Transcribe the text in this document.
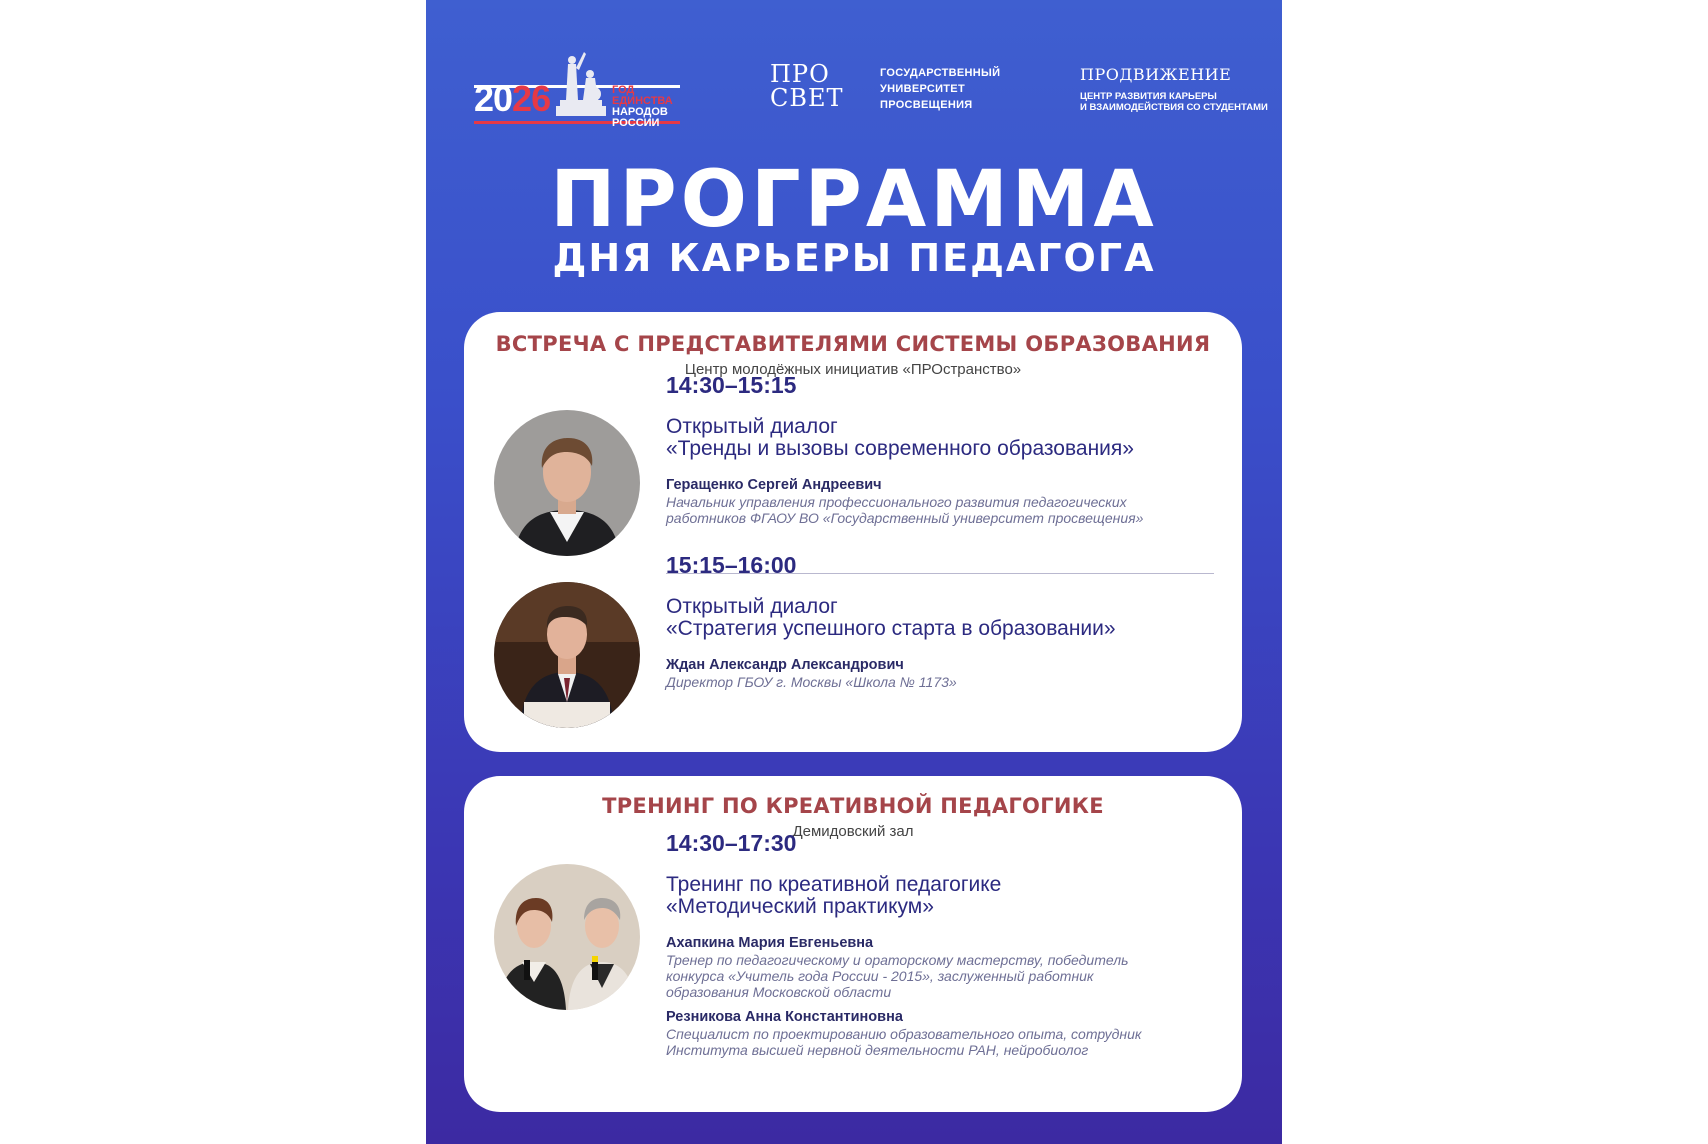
2026	ГОД
ЕДИНСТВА
НАРОДОВ
РОССИИ
ПРО
СВЕТ
ГОСУДАРСТВЕННЫЙ
УНИВЕРСИТЕТ
ПРОСВЕЩЕНИЯ
ПРОДВИЖЕНИЕ
ЦЕНТР РАЗВИТИЯ КАРЬЕРЫ
И ВЗАИМОДЕЙСТВИЯ СО СТУДЕНТАМИ
ПРОГРАММА
ДНЯ КАРЬЕРЫ ПЕДАГОГА
ВСТРЕЧА С ПРЕДСТАВИТЕЛЯМИ СИСТЕМЫ ОБРАЗОВАНИЯ
Центр молодёжных инициатив «ПРОстранство»
14:30–15:15
Открытый диалог
«Тренды и вызовы современного образования»
Геращенко Сергей Андреевич
Начальник управления профессионального развития педагогических
работников ФГАОУ ВО «Государственный университет просвещения»
15:15–16:00
Открытый диалог
«Стратегия успешного старта в образовании»
Ждан Александр Александрович
Директор ГБОУ г. Москвы «Школа № 1173»
ТРЕНИНГ ПО КРЕАТИВНОЙ ПЕДАГОГИКЕ
Демидовский зал
14:30–17:30
Тренинг по креативной педагогике
«Методический практикум»
Ахапкина Мария Евгеньевна
Тренер по педагогическому и ораторскому мастерству, победитель
конкурса «Учитель года России - 2015», заслуженный работник
образования Московской области
Резникова Анна Константиновна
Специалист по проектированию образовательного опыта, сотрудник
Института высшей нервной деятельности РАН, нейробиолог
